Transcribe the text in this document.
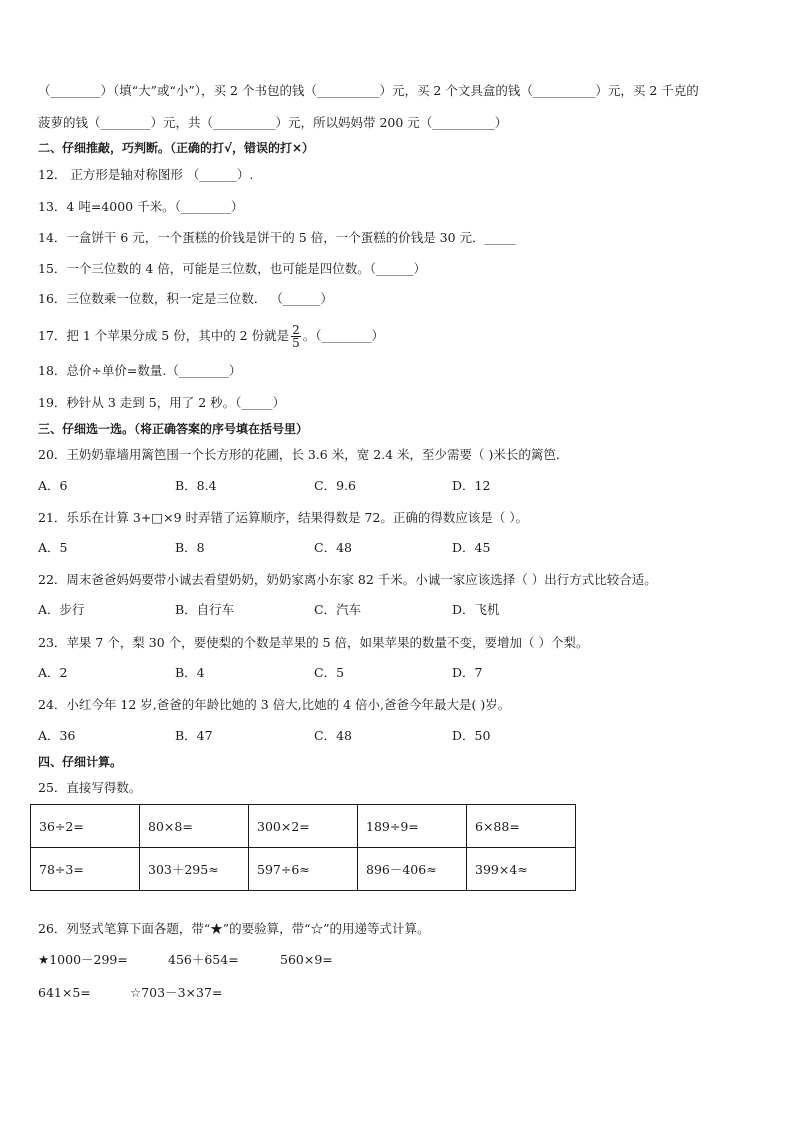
（________）（填“大”或“小”），买 2 个书包的钱（__________）元，买 2 个文具盒的钱（__________）元，买 2 千克的
菠萝的钱（________）元，共（__________）元，所以妈妈带 200 元（__________）
二、仔细推敲，巧判断。（正确的打√，错误的打×）
12． 正方形是轴对称图形 （______）.
13．4 吨=4000 千米。（________）
14．一盒饼干 6 元，一个蛋糕的价钱是饼干的 5 倍，一个蛋糕的价钱是 30 元．_____
15．一个三位数的 4 倍，可能是三位数，也可能是四位数。（______）
16．三位数乘一位数，积一定是三位数． （______）
17．把 1 个苹果分成 5 份，其中的 2 份就是 $\frac{2}{5}$ 。（________）
18．总价÷单价=数量.（________）
19．秒针从 3 走到 5，用了 2 秒。（_____）
三、仔细选一选。（将正确答案的序号填在括号里）
20．王奶奶靠墙用篱笆围一个长方形的花圃，长 3.6 米，宽 2.4 米，至少需要（ )米长的篱笆．
A．6	B．8.4	C．9.6	D．12
21．乐乐在计算 3+□×9 时弄错了运算顺序，结果得数是 72。正确的得数应该是（ ）。
A．5	B．8	C．48	D．45
22．周末爸爸妈妈要带小诚去看望奶奶，奶奶家离小东家 82 千米。小诚一家应该选择（ ）出行方式比较合适。
A．步行	B．自行车	C．汽车	D．飞机
23．苹果 7 个，梨 30 个，要使梨的个数是苹果的 5 倍，如果苹果的数量不变，要增加（ ）个梨。
A．2	B．4	C．5	D．7
24．小红今年 12 岁,爸爸的年龄比她的 3 倍大,比她的 4 倍小,爸爸今年最大是( )岁。
A．36	B．47	C．48	D．50
四、仔细计算。
25．直接写得数。
36÷2=	80×8=	300×2=	189÷9=	6×88=
78÷3=	303＋295≈	597÷6≈	896－406≈	399×4≈
26．列竖式笔算下面各题，带“★”的要验算，带“☆”的用递等式计算。
★1000－299=	456＋654=	560×9=
641×5=	☆703－3×37=
